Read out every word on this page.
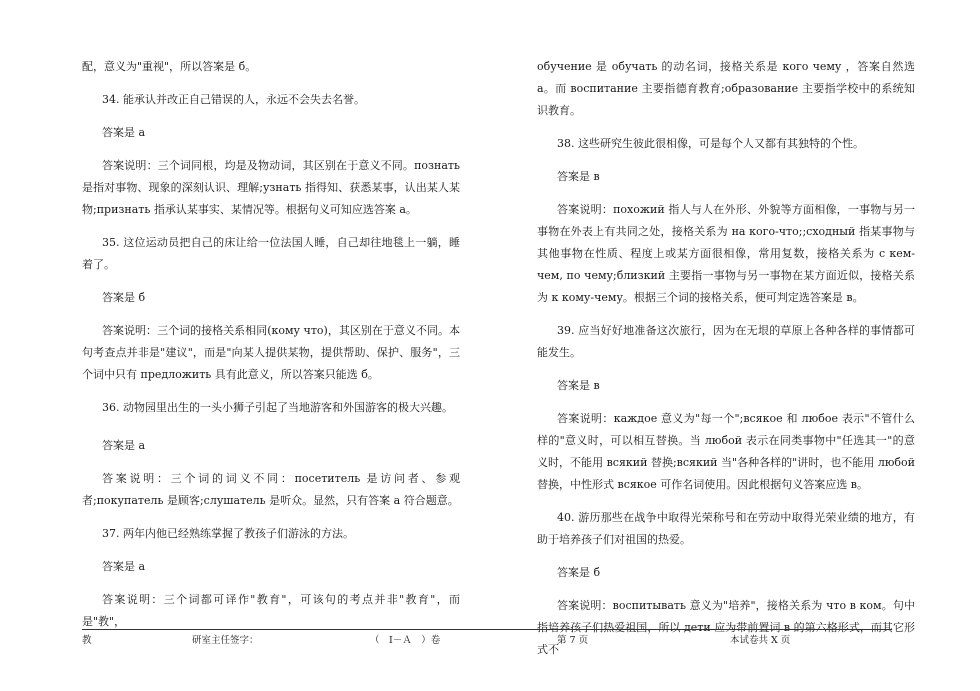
配，意义为"重视"，所以答案是 б。

34. 能承认并改正自己错误的人，永远不会失去名誉。

答案是 а

答案说明：三个词同根，均是及物动词，其区别在于意义不同。познать 是指对事物、现象的深刻认识、理解;узнать 指得知、获悉某事，认出某人某物;признать 指承认某事实、某情况等。根据句义可知应选答案 а。

35. 这位运动员把自己的床让给一位法国人睡，自己却往地毯上一躺，睡着了。

答案是 б

答案说明：三个词的接格关系相同(кому что)，其区别在于意义不同。本句考查点并非是"建议"，而是"向某人提供某物，提供帮助、保护、服务"，三个词中只有 предложить 具有此意义，所以答案只能选 б。

36. 动物园里出生的一头小狮子引起了当地游客和外国游客的极大兴趣。

答案是 а

答案说明：三个词的词义不同：посетитель 是访问者、参观者;покупатель 是顾客;слушатель 是听众。显然，只有答案 а 符合题意。

37. 两年内他已经熟练掌握了教孩子们游泳的方法。

答案是 а

答案说明：三个词都可译作"教育"，可该句的考点并非"教育"，而是"教"，

обучение 是 обучать 的动名词，接格关系是 кого чему ，答案自然选 а。而 воспитание 主要指德育教育;образование 主要指学校中的系统知识教育。

38. 这些研究生彼此很相像，可是每个人又都有其独特的个性。

答案是 в

答案说明：похожий 指人与人在外形、外貌等方面相像，一事物与另一事物在外表上有共同之处，接格关系为 на кого-что;;сходный 指某事物与其他事物在性质、程度上或某方面很相像，常用复数，接格关系为 с кем-чем, по чему;близкий 主要指一事物与另一事物在某方面近似，接格关系为 к кому-чему。根据三个词的接格关系，便可判定选答案是 в。

39. 应当好好地准备这次旅行，因为在无垠的草原上各种各样的事情都可能发生。

答案是 в

答案说明：каждое 意义为"每一个";всякое 和 любое 表示"不管什么样的"意义时，可以相互替换。当 любой 表示在同类事物中"任选其一"的意义时，不能用 всякий 替换;всякий 当"各种各样的"讲时，也不能用 любой 替换，中性形式 всякое 可作名词使用。因此根据句义答案应选 в。

40. 游历那些在战争中取得光荣称号和在劳动中取得光荣业绩的地方，有助于培养孩子们对祖国的热爱。

答案是 б

答案说明：воспитывать 意义为"培养"，接格关系为 что в ком。句中指培养孩子们热爱祖国，所以 дети 应为带前置词 в 的第六格形式，而其它形式不

教	研室主任签字：	（　Ⅰ－Ａ　）卷	第 7 页	本试卷共 X 页
